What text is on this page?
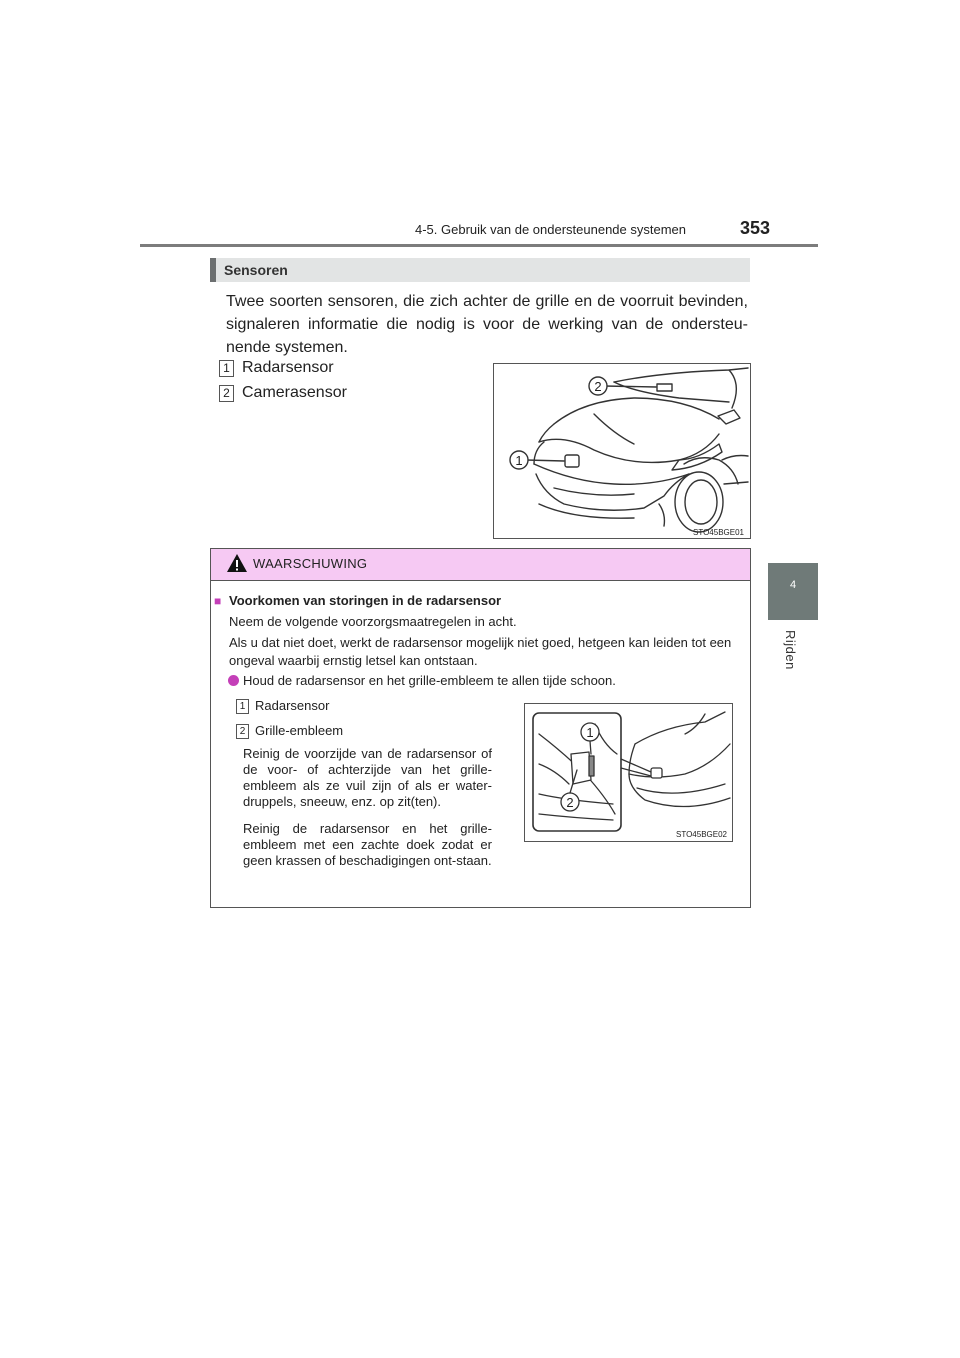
4-5. Gebruik van de ondersteunende systemen	353
4
Rijden
Sensoren
Twee soorten sensoren, die zich achter de grille en de voorruit bevinden, signaleren informatie die nodig is voor de werking van de ondersteu-nende systemen.
1 Radarsensor
2 Camerasensor	2
1
STO45BGE01
WAARSCHUWING
■ Voorkomen van storingen in de radarsensor
Neem de volgende voorzorgsmaatregelen in acht.
Als u dat niet doet, werkt de radarsensor mogelijk niet goed, hetgeen kan leiden tot een ongeval waarbij ernstig letsel kan ontstaan.
Houd de radarsensor en het grille-embleem te allen tijde schoon.
1 Radarsensor
2 Grille-embleem
Reinig de voorzijde van de radarsensor of de voor- of achterzijde van het grille-embleem als ze vuil zijn of als er water-druppels, sneeuw, enz. op zit(ten).
Reinig de radarsensor en het grille-embleem met een zachte doek zodat er geen krassen of beschadigingen ont-staan.
1
2
STO45BGE02
